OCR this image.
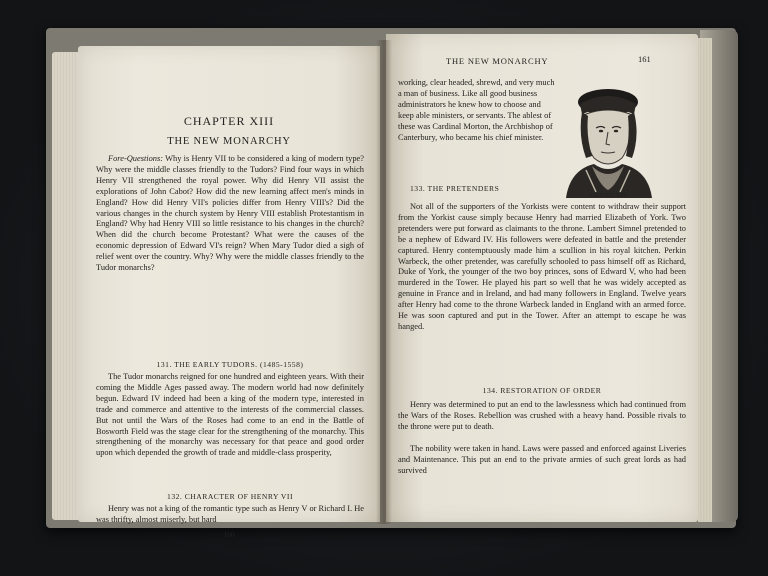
CHAPTER XIII
THE NEW MONARCHY
Fore-Questions: Why is Henry VII to be considered a king of modern type? Why were the middle classes friendly to the Tudors? Find four ways in which Henry VII strengthened the royal power. Why did Henry VII assist the explorations of John Cabot? How did the new learning affect men's minds in England? How did Henry VII's policies differ from Henry VIII's? Did the various changes in the church system by Henry VIII establish Protestantism in England? Why had Henry VIII so little resistance to his changes in the church? When did the church become Protestant? What were the causes of the economic depression of Edward VI's reign? When Mary Tudor died a sigh of relief went over the country. Why? Why were the middle classes friendly to the Tudor monarchs?
131. THE EARLY TUDORS. (1485-1558)
The Tudor monarchs reigned for one hundred and eighteen years. With their coming the Middle Ages passed away. The modern world had now definitely begun. Edward IV indeed had been a king of the modern type, interested in trade and commerce and attentive to the interests of the commercial classes. But not until the Wars of the Roses had come to an end in the Battle of Bosworth Field was the stage clear for the strengthening of the monarchy. This strengthening of the monarchy was necessary for that peace and good order upon which depended the growth of trade and middle-class prosperity,
132. CHARACTER OF HENRY VII
Henry was not a king of the romantic type such as Henry V or Richard I. He was thrifty, almost miserly, but hard
160
THE NEW MONARCHY	161
working, clear headed, shrewd, and very much a man of business. Like all good business administrators he knew how to choose and keep able ministers, or servants. The ablest of these was Cardinal Morton, the Archbishop of Canterbury, who became his chief minister.
HENRY VII
133. THE PRETENDERS
Not all of the supporters of the Yorkists were content to withdraw their support from the Yorkist cause simply because Henry had married Elizabeth of York. Two pretenders were put forward as claimants to the throne. Lambert Simnel pretended to be a nephew of Edward IV. His followers were defeated in battle and the pretender captured. Henry contemptuously made him a scullion in his royal kitchen. Perkin Warbeck, the other pretender, was carefully schooled to pass himself off as Richard, Duke of York, the younger of the two boy princes, sons of Edward V, who had been murdered in the Tower. He played his part so well that he was widely accepted as genuine in France and in Ireland, and had many followers in England. Twelve years after Henry had come to the throne Warbeck landed in England with an armed force. He was soon captured and put in the Tower. After an attempt to escape he was hanged.
134. RESTORATION OF ORDER
Henry was determined to put an end to the lawlessness which had continued from the Wars of the Roses. Rebellion was crushed with a heavy hand. Possible rivals to the throne were put to death.
The nobility were taken in hand. Laws were passed and enforced against Liveries and Maintenance. This put an end to the private armies of such great lords as had survived
